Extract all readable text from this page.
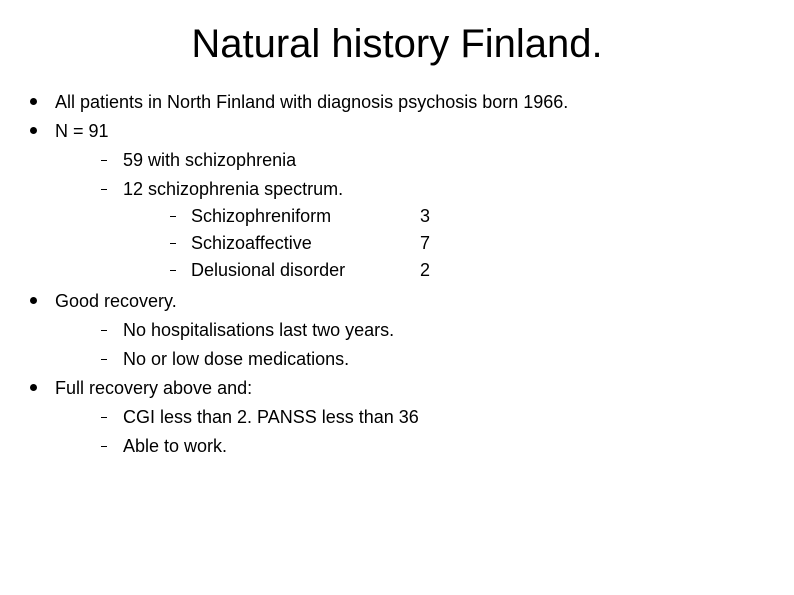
Natural history Finland.
All patients in North Finland with diagnosis psychosis born 1966.
N = 91
59 with schizophrenia
12 schizophrenia spectrum.
Schizophreniform	3
Schizoaffective	7
Delusional disorder	2
Good recovery.
No hospitalisations last two years.
No or low dose medications.
Full recovery above and:
CGI less than 2. PANSS less than 36
Able to work.
